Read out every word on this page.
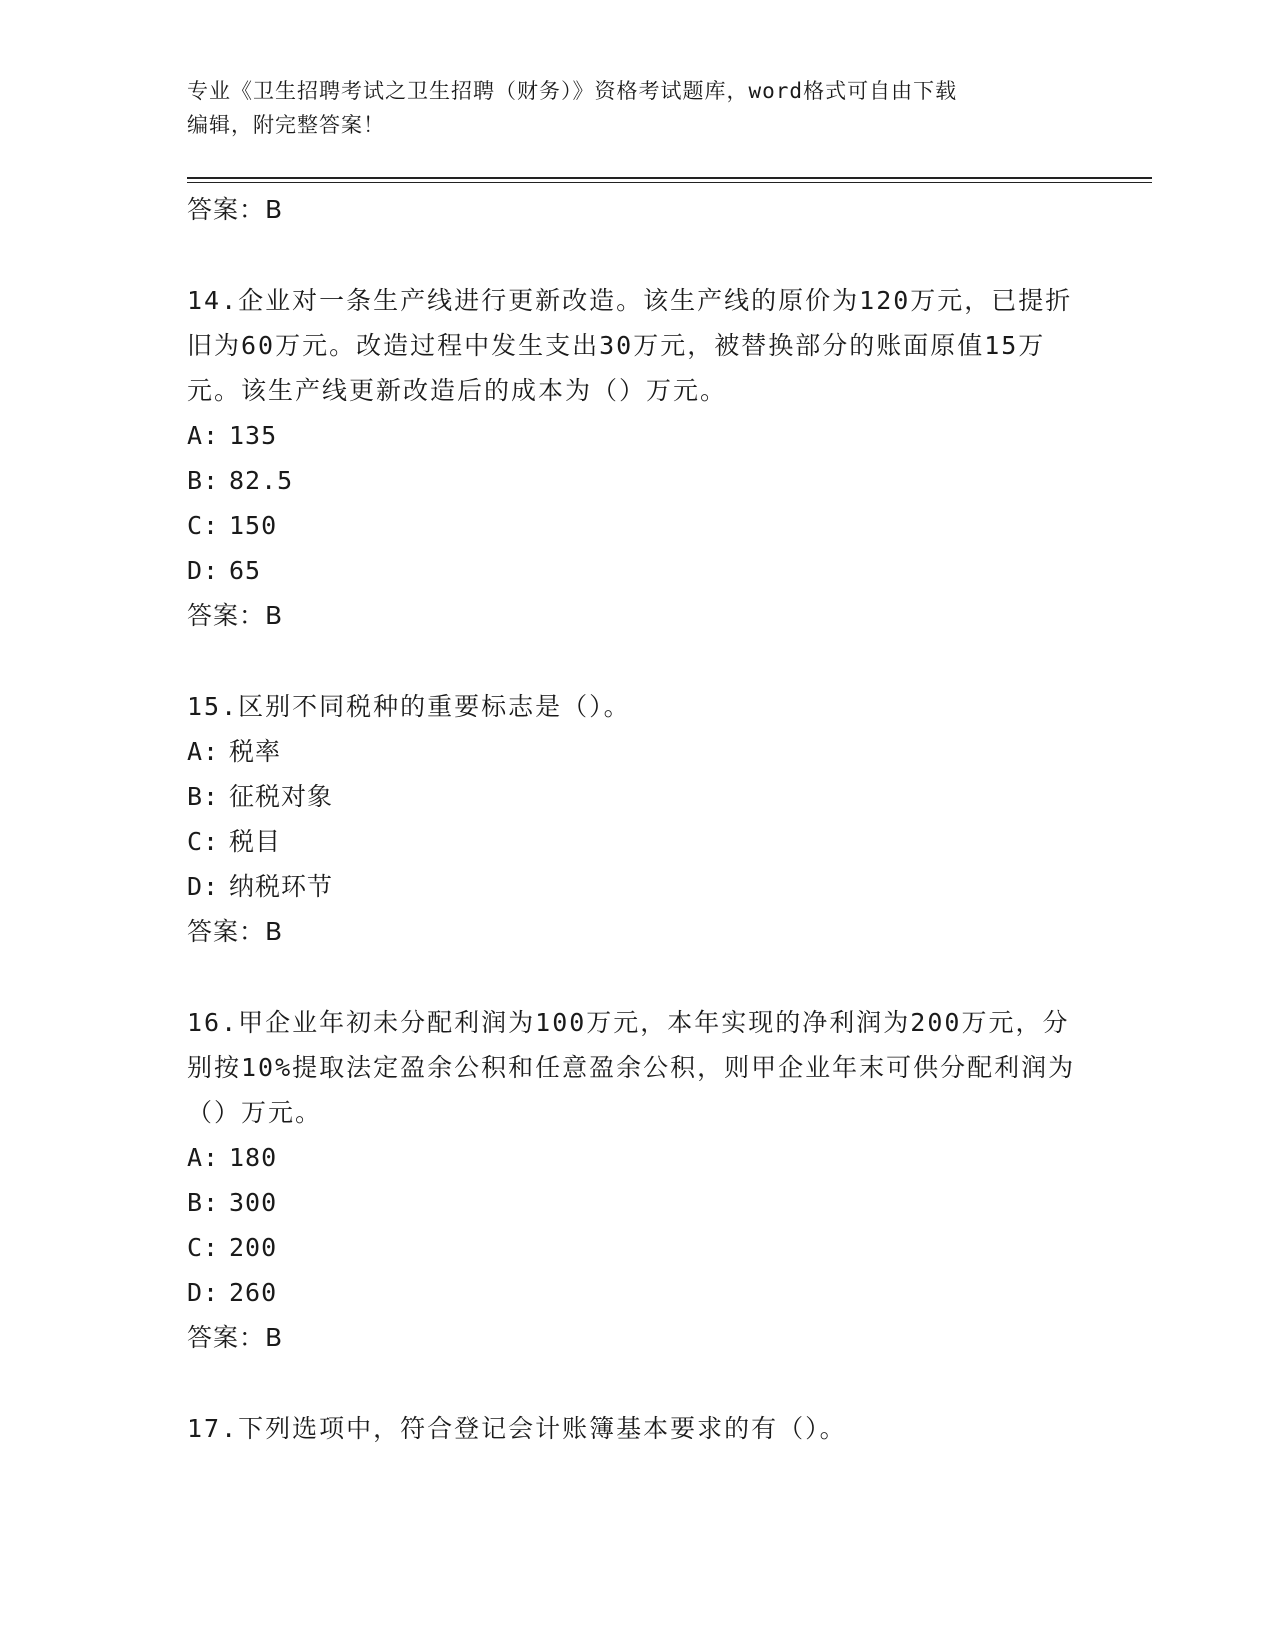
专业《卫生招聘考试之卫生招聘（财务）》资格考试题库，word格式可自由下载
编辑，附完整答案！
答案：B
14.企业对一条生产线进行更新改造。该生产线的原价为120万元，已提折旧为60万元。改造过程中发生支出30万元，被替换部分的账面原值15万元。该生产线更新改造后的成本为（）万元。
A: 135
B: 82.5
C: 150
D: 65
答案：B
15.区别不同税种的重要标志是（）。
A: 税率
B: 征税对象
C: 税目
D: 纳税环节
答案：B
16.甲企业年初未分配利润为100万元，本年实现的净利润为200万元，分别按10%提取法定盈余公积和任意盈余公积，则甲企业年末可供分配利润为（）万元。
A: 180
B: 300
C: 200
D: 260
答案：B
17.下列选项中，符合登记会计账簿基本要求的有（）。
